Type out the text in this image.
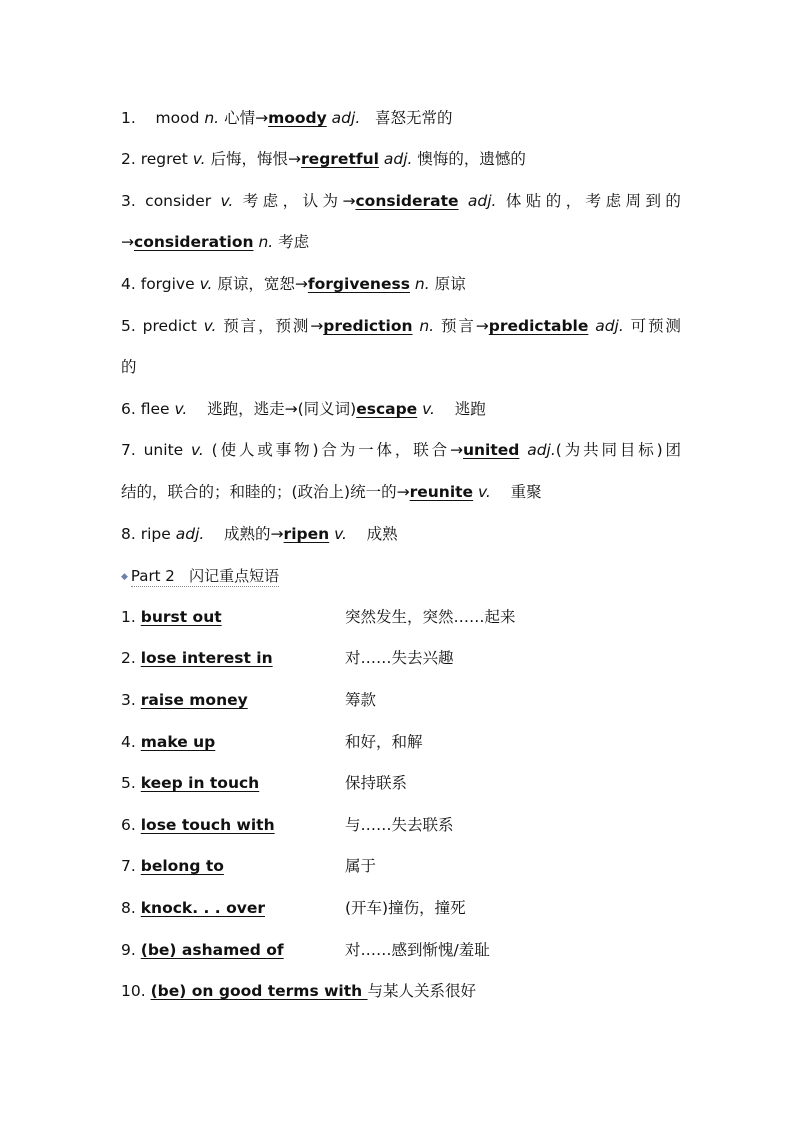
1. mood n. 心情→moody adj. 喜怒无常的
2. regret v. 后悔，悔恨→regretful adj. 懊悔的，遗憾的
3. consider v. 考虑，认为→considerate adj. 体贴的，考虑周到的
→consideration n. 考虑
4. forgive v. 原谅，宽恕→forgiveness n. 原谅
5. predict v. 预言，预测→prediction n. 预言→predictable adj. 可预测
的
6. flee v. 逃跑，逃走→(同义词)escape v. 逃跑
7. unite v. (使人或事物)合为一体，联合→united adj.(为共同目标)团
结的，联合的；和睦的；(政治上)统一的→reunite v. 重聚
8. ripe adj. 成熟的→ripen v. 成熟
◆ Part 2 闪记重点短语
1. burst out	突然发生，突然……起来
2. lose interest in	对……失去兴趣
3. raise money	筹款
4. make up	和好，和解
5. keep in touch	保持联系
6. lose touch with	与……失去联系
7. belong to	属于
8. knock. . . over	(开车)撞伤，撞死
9. (be) ashamed of	对……感到惭愧/羞耻
10. (be) on good terms with 与某人关系很好
